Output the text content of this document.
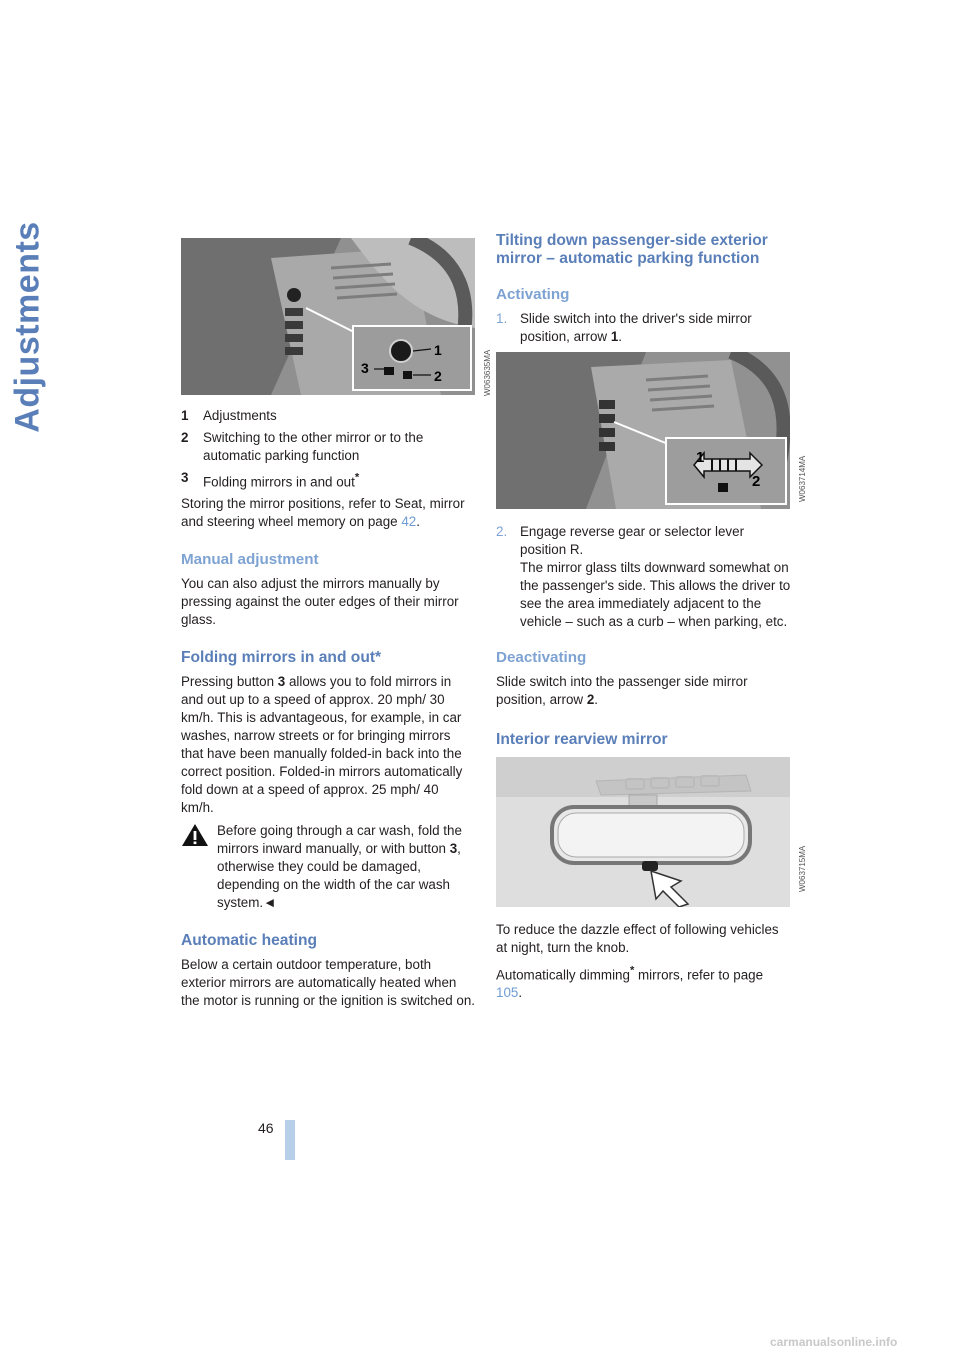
Adjustments	1
2
3	W063635MA
1	Adjustments
2	Switching to the other mirror or to the automatic parking function
3	Folding mirrors in and out*

Storing the mirror positions, refer to Seat, mirror and steering wheel memory on page 42.

Manual adjustment

You can also adjust the mirrors manually by pressing against the outer edges of their mirror glass.

Folding mirrors in and out*

Pressing button 3 allows you to fold mirrors in and out up to a speed of approx. 20 mph/ 30 km/h. This is advantageous, for example, in car washes, narrow streets or for bringing mirrors that have been manually folded-in back into the correct position. Folded-in mirrors automatically fold down at a speed of approx. 25 mph/ 40 km/h.

Before going through a car wash, fold the mirrors inward manually, or with button 3, otherwise they could be damaged, depending on the width of the car wash system.◄

Automatic heating

Below a certain outdoor temperature, both exterior mirrors are automatically heated when the motor is running or the ignition is switched on.

Tilting down passenger-side exterior mirror – automatic parking function
Activating
1. Slide switch into the driver's side mirror position, arrow 1.
1
2	W063714MA
2. Engage reverse gear or selector lever position R.
The mirror glass tilts downward somewhat on the passenger's side. This allows the driver to see the area immediately adjacent to the vehicle – such as a curb – when parking, etc.
Deactivating

Slide switch into the passenger side mirror position, arrow 2.

Interior rearview mirror
W063715MA

To reduce the dazzle effect of following vehicles at night, turn the knob.

Automatically dimming* mirrors, refer to page 105.

46
carmanualsonline.info
